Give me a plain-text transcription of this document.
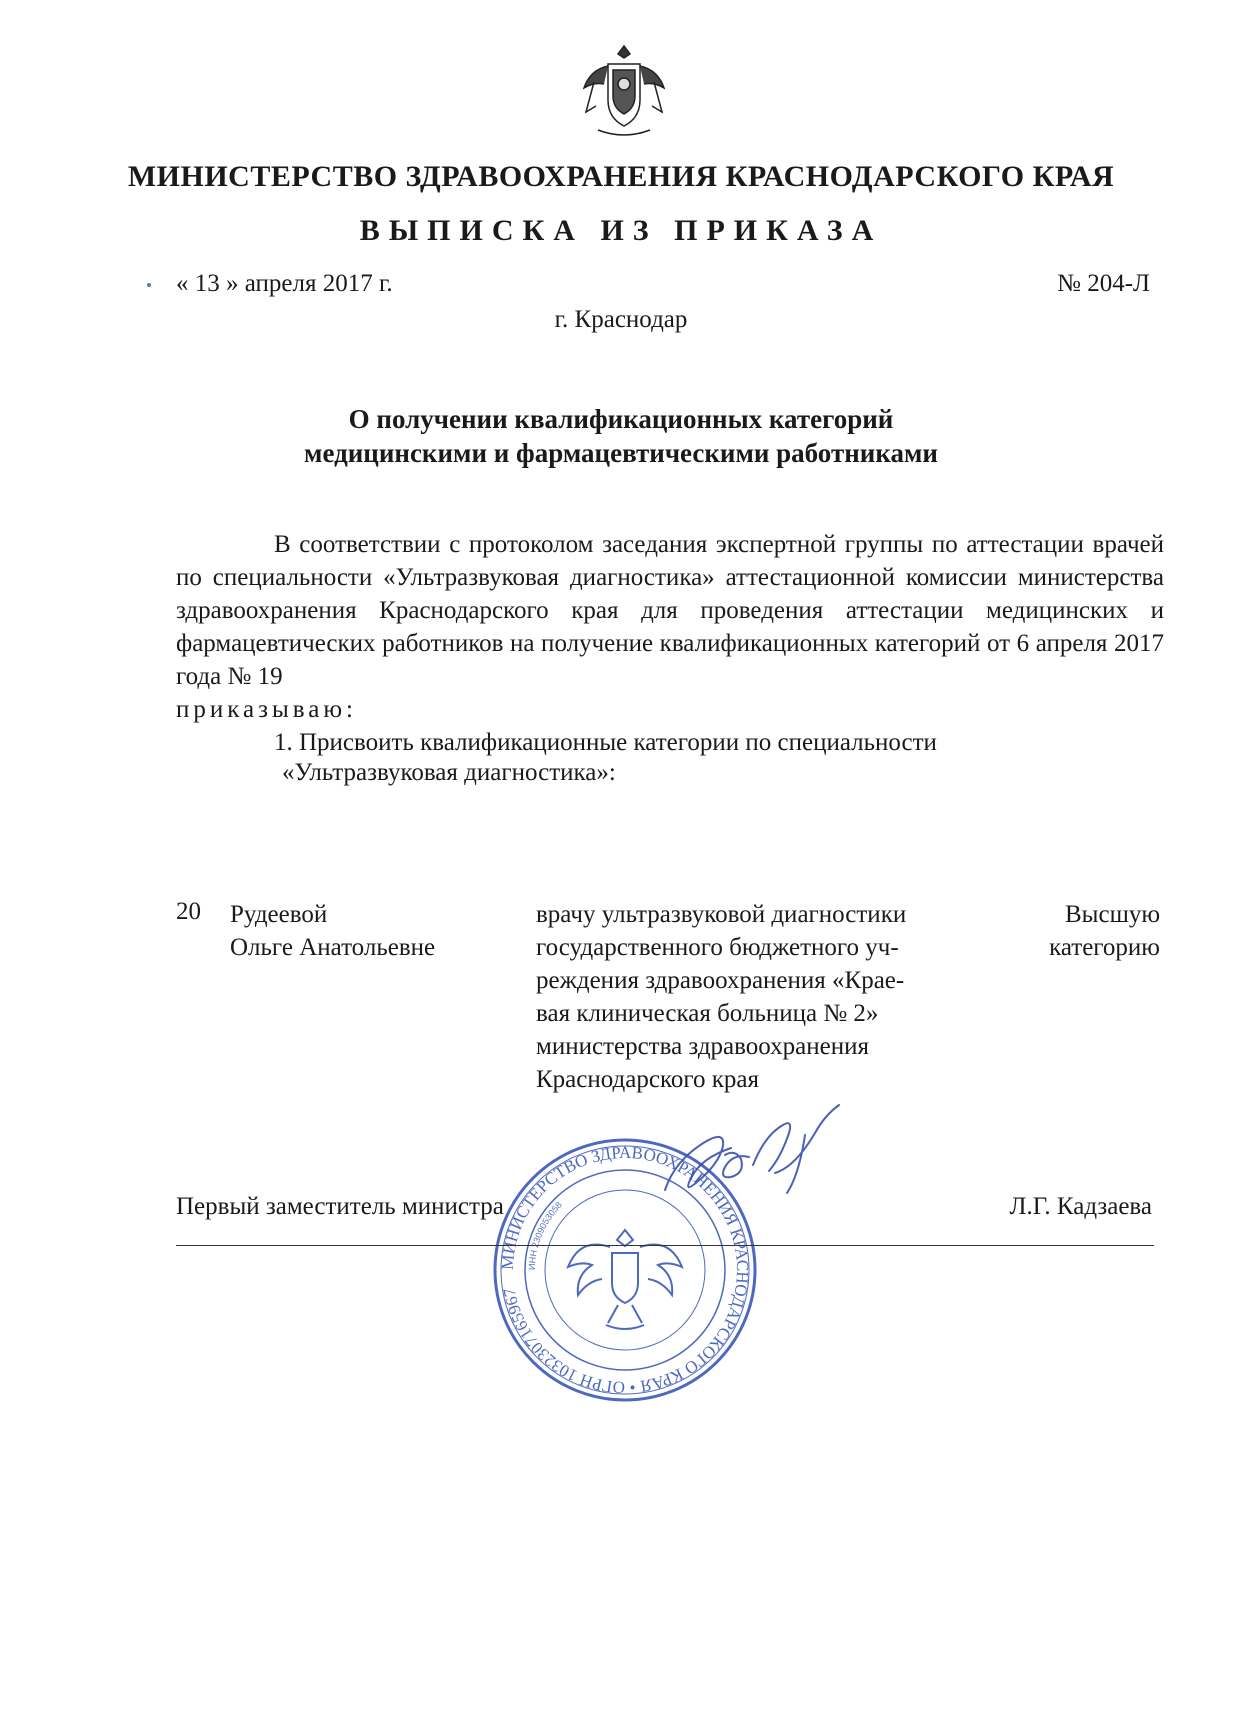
МИНИСТЕРСТВО ЗДРАВООХРАНЕНИЯ КРАСНОДАРСКОГО КРАЯ
ВЫПИСКА ИЗ ПРИКАЗА
« 13 » апреля 2017 г.	№ 204-Л
г. Краснодар
О получении квалификационных категорий
медицинскими и фармацевтическими работниками

В соответствии с протоколом заседания экспертной группы по аттестации врачей по специальности «Ультразвуковая диагностика» аттестационной комиссии министерства здравоохранения Краснодарского края для проведения аттестации медицинских и фармацевтических работников на получение квалификационных категорий от 6 апреля 2017 года № 19

приказываю:

1. Присвоить квалификационные категории по специальности
«Ультразвуковая диагностика»:
20 Рудеевой
Ольге Анатольевне
врачу ультразвуковой диагностики
государственного бюджетного уч-
реждения здравоохранения «Крае-
вая клиническая больница № 2»
министерства здравоохранения
Краснодарского края
Высшую
категорию
МИНИСТЕРСТВО ЗДРАВООХРАНЕНИЯ КРАСНОДАРСКОГО КРАЯ • ОГРН 1032307165967
ИНН 2309053058
Первый заместитель министра	Л.Г. Кадзаева
